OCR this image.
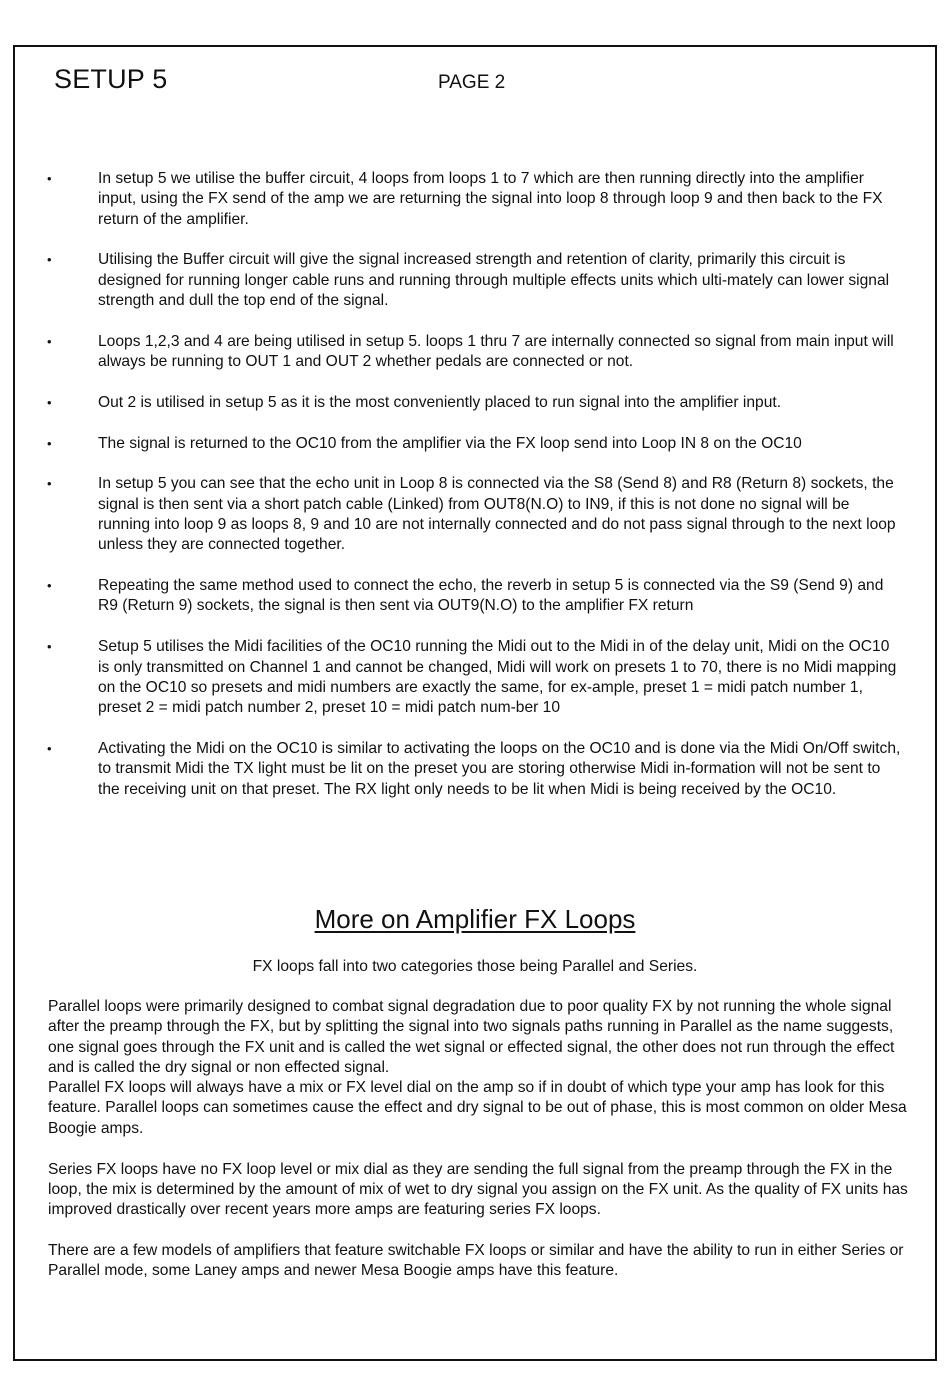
SETUP 5	PAGE 2
•	In setup 5 we utilise the buffer circuit, 4 loops from loops 1 to 7 which are then running directly into the amplifier input, using the FX send of the amp we are returning the signal into loop 8 through loop 9 and then back to the FX return of the amplifier.
•	Utilising the Buffer circuit will give the signal increased strength and retention of clarity, primarily this circuit is designed for running longer cable runs and running through multiple effects units which ulti-mately can lower signal strength and dull the top end of the signal.
•	Loops 1,2,3 and 4 are being utilised in setup 5. loops 1 thru 7 are internally connected so signal from main input will always be running to OUT 1 and OUT 2 whether pedals are connected or not.
•	Out 2 is utilised in setup 5 as it is the most conveniently placed to run signal into the amplifier input.
•	The signal is returned to the OC10 from the amplifier via the FX loop send into Loop IN 8 on the OC10
•	In setup 5 you can see that the echo unit in Loop 8 is connected via the S8 (Send 8) and R8 (Return 8) sockets, the signal is then sent via a short patch cable (Linked) from OUT8(N.O) to IN9, if this is not done no signal will be running into loop 9 as loops 8, 9 and 10 are not internally connected and do not pass signal through to the next loop unless they are connected together.
•	Repeating the same method used to connect the echo, the reverb in setup 5 is connected via the S9 (Send 9) and R9 (Return 9) sockets, the signal is then sent via OUT9(N.O) to the amplifier FX return
•	Setup 5 utilises the Midi facilities of the OC10 running the Midi out to the Midi in of the delay unit, Midi on the OC10 is only transmitted on Channel 1 and cannot be changed, Midi will work on presets 1 to 70, there is no Midi mapping on the OC10 so presets and midi numbers are exactly the same, for ex-ample, preset 1 = midi patch number 1, preset 2 = midi patch number 2, preset 10 = midi patch num-ber 10
•	Activating the Midi on the OC10 is similar to activating the loops on the OC10 and is done via the Midi On/Off switch, to transmit Midi the TX light must be lit on the preset you are storing otherwise Midi in-formation will not be sent to the receiving unit on that preset. The RX light only needs to be lit when Midi is being received by the OC10.
More on Amplifier FX Loops
FX loops fall into two categories those being Parallel and Series.

Parallel loops were primarily designed to combat signal degradation due to poor quality FX by not running the whole signal after the preamp through the FX, but by splitting the signal into two signals paths running in Parallel as the name suggests, one signal goes through the FX unit and is called the wet signal or effected signal, the other does not run through the effect and is called the dry signal or non effected signal.

Parallel FX loops will always have a mix or FX level dial on the amp so if in doubt of which type your amp has look for this feature. Parallel loops can sometimes cause the effect and dry signal to be out of phase, this is most common on older Mesa Boogie amps.

Series FX loops have no FX loop level or mix dial as they are sending the full signal from the preamp through the FX in the loop, the mix is determined by the amount of mix of wet to dry signal you assign on the FX unit. As the quality of FX units has improved drastically over recent years more amps are featuring series FX loops.

There are a few models of amplifiers that feature switchable FX loops or similar and have the ability to run in either Series or Parallel mode, some Laney amps and newer Mesa Boogie amps have this feature.
